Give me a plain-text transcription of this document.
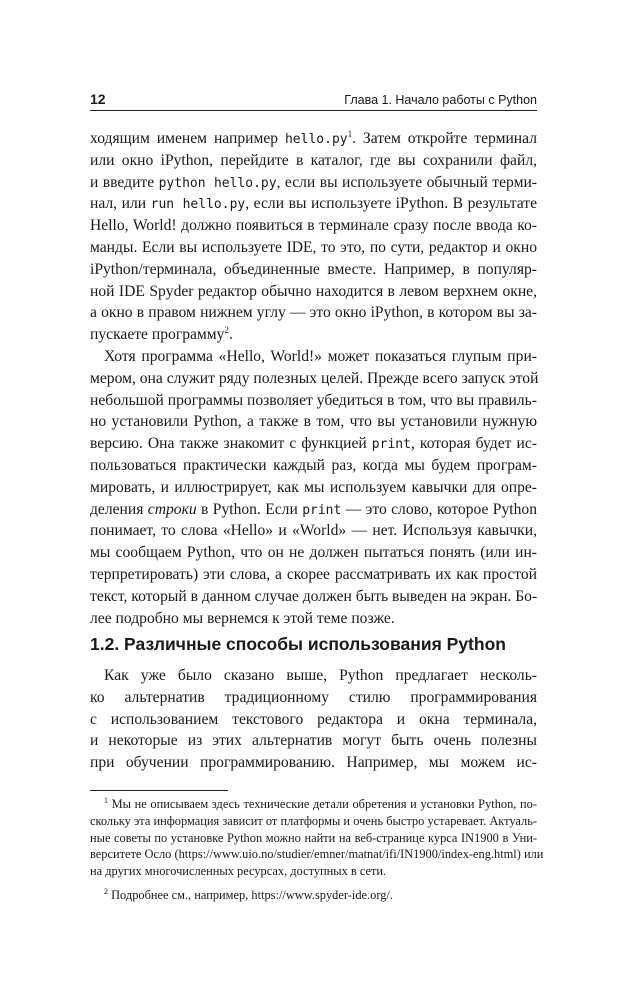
12	Глава 1. Начало работы с Python
ходящим именем например $hello.py^1$. Затем откройте терминал
или окно iPython, перейдите в каталог, где вы сохранили файл,
и введите python hello.py, если вы используете обычный терми-
нал, или run hello.py, если вы используете iPython. В результате
Hello, World! должно появиться в терминале сразу после ввода ко-
манды. Если вы используете IDE, то это, по сути, редактор и окно
iPython/терминала, объединенные вместе. Например, в популяр-
ной IDE Spyder редактор обычно находится в левом верхнем окне,
а окно в правом нижнем углу — это окно iPython, в котором вы за-
пускаете программу$^2$.
Хотя программа «Hello, World!» может показаться глупым при-
мером, она служит ряду полезных целей. Прежде всего запуск этой
небольшой программы позволяет убедиться в том, что вы правиль-
но установили Python, а также в том, что вы установили нужную
версию. Она также знакомит с функцией print, которая будет ис-
пользоваться практически каждый раз, когда мы будем програм-
мировать, и иллюстрирует, как мы используем кавычки для опре-
деления строки в Python. Если print — это слово, которое Python
понимает, то слова «Hello» и «World» — нет. Используя кавычки,
мы сообщаем Python, что он не должен пытаться понять (или ин-
терпретировать) эти слова, а скорее рассматривать их как простой
текст, который в данном случае должен быть выведен на экран. Бо-
лее подробно мы вернемся к этой теме позже.
1.2. Различные способы использования Python
Как уже было сказано выше, Python предлагает несколь-
ко альтернатив традиционному стилю программирования
с использованием текстового редактора и окна терминала,
и некоторые из этих альтернатив могут быть очень полезны
при обучении программированию. Например, мы можем ис-
$^1$ Мы не описываем здесь технические детали обретения и установки Python, по-
скольку эта информация зависит от платформы и очень быстро устаревает. Актуаль-
ные советы по установке Python можно найти на веб-странице курса IN1900 в Уни-
верситете Осло (https://www.uio.no/studier/emner/matnat/ifi/IN1900/index-eng.html) или
на других многочисленных ресурсах, доступных в сети.
$^2$ Подробнее см., например, https://www.spyder-ide.org/.
